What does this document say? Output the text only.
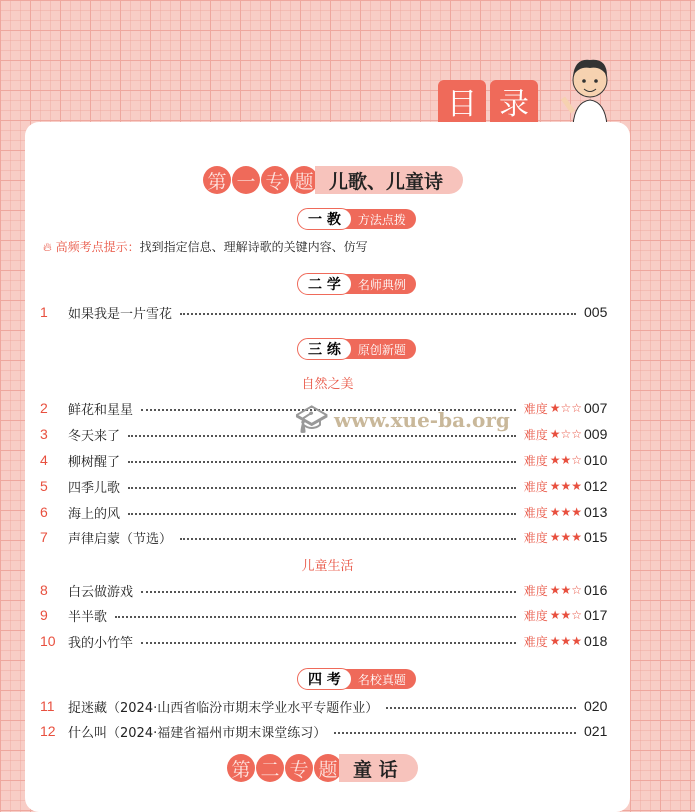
目 录
第 一 专 题 儿歌、儿童诗
一 教	方法点拨
🔥︎ 高频考点提示：找到指定信息、理解诗歌的关键内容、仿写
二 学	名师典例
三 练	原创新题
自然之美
儿童生活
四 考	名校真题
1	如果我是一片雪花	005
2	鲜花和星星	难度 ★☆☆ 007
3	冬天来了	难度 ★☆☆ 009
4	柳树醒了	难度 ★★☆ 010
5	四季儿歌	难度 ★★★ 012
6	海上的风	难度 ★★★ 013
7	声律启蒙（节选）	难度 ★★★ 015
8	白云做游戏	难度 ★★☆ 016
9	半半歌	难度 ★★☆ 017
10 我的小竹竿	难度 ★★★ 018
11	捉迷藏（2024·山西省临汾市期末学业水平专题作业）	020
12 什么叫（2024·福建省福州市期末课堂练习）	021
🎓︎ www.xue-ba.org
第 二 专 题 童 话
